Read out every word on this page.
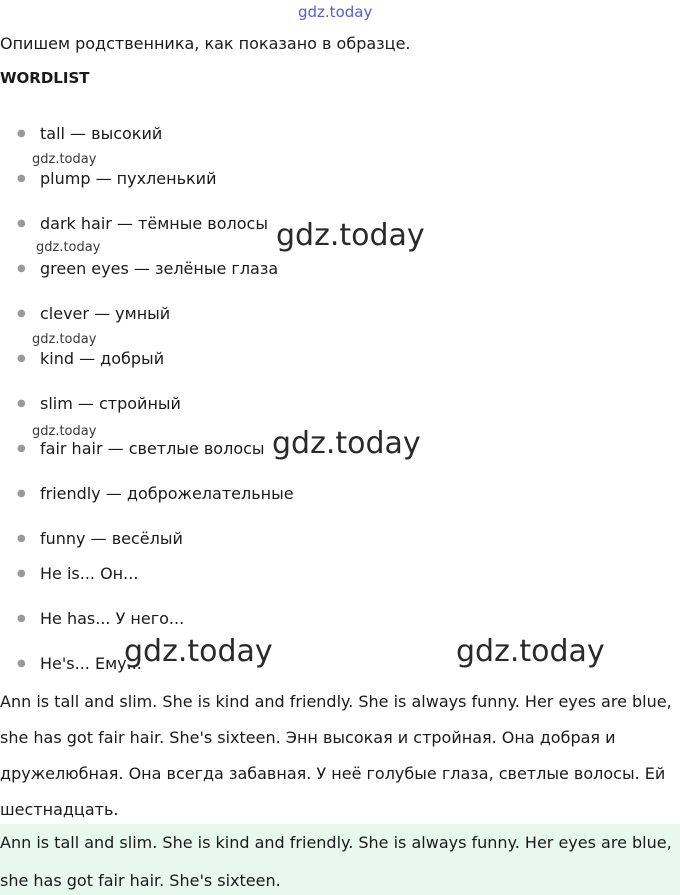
gdz.today
Опишем родственника, как показано в образце.
WORDLIST
● tall — высокий
● plump — пухленький
● dark hair — тёмные волосы
● green eyes — зелёные глаза
● clever — умный
● kind — добрый
● slim — стройный
● fair hair — светлые волосы
● friendly — доброжелательные
● funny — весёлый
● He is... Он...
● He has... У него...
● He's... Ему...
gdz.today
gdz.today
gdz.today
gdz.today
gdz.today
gdz.today
gdz.today	gdz.today
Ann is tall and slim. She is kind and friendly. She is always funny. Her eyes are blue, she has got fair hair. She's sixteen. Энн высокая и стройная. Она добрая и дружелюбная. Она всегда забавная. У неё голубые глаза, светлые волосы. Ей шестнадцать.
Ann is tall and slim. She is kind and friendly. She is always funny. Her eyes are blue, she has got fair hair. She's sixteen.
